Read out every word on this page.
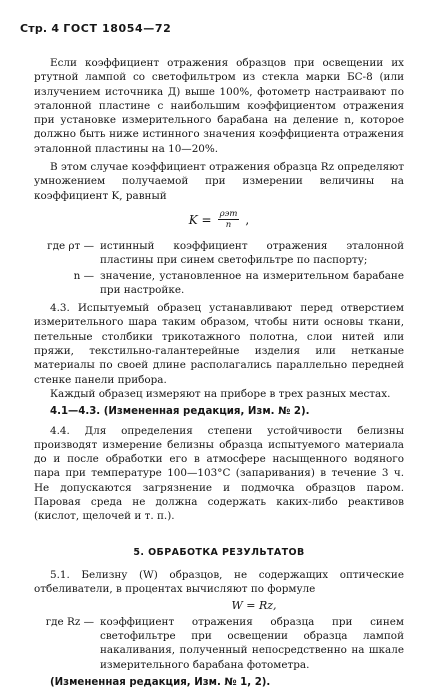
Стр. 4 ГОСТ 18054—72

Если коэффициент отражения образцов при освещении их ртутной лампой со светофильтром из стекла марки БС-8 (или излучением источника Д) выше 100%, фотометр настраивают по эталонной пластине с наибольшим коэффициентом отражения при установке измерительного барабана на деление n, которое должно быть ниже истинного значения коэффициента отражения эталонной пластины на 10—20%.

В этом случае коэффициент отражения образца Rz определяют умножением получаемой при измерении величины на коэффициент K, равный

$K = \frac{\text{ρэт}}{n}$ ,
где ρт — истинный коэффициент отражения эталонной пластины при синем светофильтре по паспорту;
n — значение, установленное на измерительном барабане при настройке.

4.3. Испытуемый образец устанавливают перед отверстием измерительного шара таким образом, чтобы нити основы ткани, петельные столбики трикотажного полотна, слои нитей или пряжи, текстильно-галантерейные изделия или нетканые материалы по своей длине располагались параллельно передней стенке панели прибора.

Каждый образец измеряют на приборе в трех разных местах.

4.1—4.3. (Измененная редакция, Изм. № 2).

4.4. Для определения степени устойчивости белизны производят измерение белизны образца испытуемого материала до и после обработки его в атмосфере насыщенного водяного пара при температуре 100—103°C (запаривания) в течение 3 ч. Не допускаются загрязнение и подмочка образцов паром. Паровая среда не должна содержать каких-либо реактивов (кислот, щелочей и т. п.).

5. ОБРАБОТКА РЕЗУЛЬТАТОВ

5.1. Белизну (W) образцов, не содержащих оптические отбеливатели, в процентах вычисляют по формуле

W = Rz,
где Rz — коэффициент отражения образца при синем светофильтре при освещении образца лампой накаливания, полученный непосредственно на шкале измерительного барабана фотометра.

(Измененная редакция, Изм. № 1, 2).
